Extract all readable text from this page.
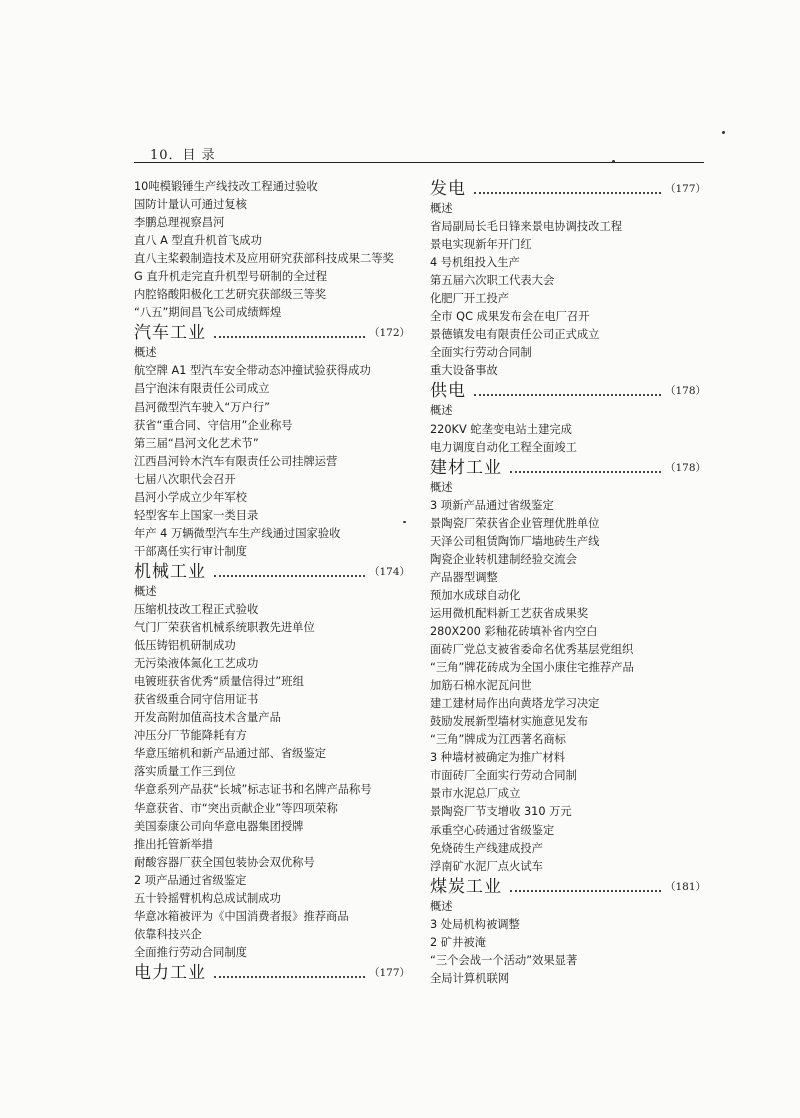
10．目 录
10吨模锻锤生产线技改工程通过验收
国防计量认可通过复核
李鹏总理视察昌河
直八 A 型直升机首飞成功
直八主桨毂制造技术及应用研究获部科技成果二等奖
G 直升机走完直升机型号研制的全过程
内腔铬酸阳极化工艺研究获部级三等奖
“八五”期间昌飞公司成绩辉煌
汽车工业	（172）
概述
航空牌 A1 型汽车安全带动态冲撞试验获得成功
昌宁泡沫有限责任公司成立
昌河微型汽车驶入“万户行”
获省“重合同、守信用”企业称号
第三届“昌河文化艺术节”
江西昌河铃木汽车有限责任公司挂牌运营
七届八次职代会召开
昌河小学成立少年军校
轻型客车上国家一类目录
年产 4 万辆微型汽车生产线通过国家验收
干部离任实行审计制度
机械工业	（174）
概述
压缩机技改工程正式验收
气门厂荣获省机械系统职教先进单位
低压铸铝机研制成功
无污染液体氮化工艺成功
电镀班获省优秀“质量信得过”班组
获省级重合同守信用证书
开发高附加值高技术含量产品
冲压分厂节能降耗有方
华意压缩机和新产品通过部、省级鉴定
落实质量工作三到位
华意系列产品获“长城”标志证书和名牌产品称号
华意获省、市“突出贡献企业”等四项荣称
美国泰康公司向华意电器集团授牌
推出托管新举措
耐酸容器厂获全国包装协会双优称号
2 项产品通过省级鉴定
五十铃摇臂机构总成试制成功
华意冰箱被评为《中国消费者报》推荐商品
依靠科技兴企
全面推行劳动合同制度
电力工业	（177）
发电	（177）
概述
省局副局长毛日锋来景电协调技改工程
景电实现新年开门红
4 号机组投入生产
第五届六次职工代表大会
化肥厂开工投产
全市 QC 成果发布会在电厂召开
景德镇发电有限责任公司正式成立
全面实行劳动合同制
重大设备事故
供电	（178）
概述
220KV 蛇垄变电站土建完成
电力调度自动化工程全面竣工
建材工业	（178）
概述
3 项新产品通过省级鉴定
景陶瓷厂荣获省企业管理优胜单位
天泽公司租赁陶饰厂墙地砖生产线
陶瓷企业转机建制经验交流会
产品器型调整
预加水成球自动化
运用微机配料新工艺获省成果奖
280X200 彩釉花砖填补省内空白
面砖厂党总支被省委命名优秀基层党组织
“三角”牌花砖成为全国小康住宅推荐产品
加筋石棉水泥瓦问世
建工建材局作出向黄塔龙学习决定
鼓励发展新型墙材实施意见发布
“三角”牌成为江西著名商标
3 种墙材被确定为推广材料
市面砖厂全面实行劳动合同制
景市水泥总厂成立
景陶瓷厂节支增收 310 万元
承重空心砖通过省级鉴定
免烧砖生产线建成投产
浮南矿水泥厂点火试车
煤炭工业	（181）
概述
3 处局机构被调整
2 矿井被淹
“三个会战一个活动”效果显著
全局计算机联网
